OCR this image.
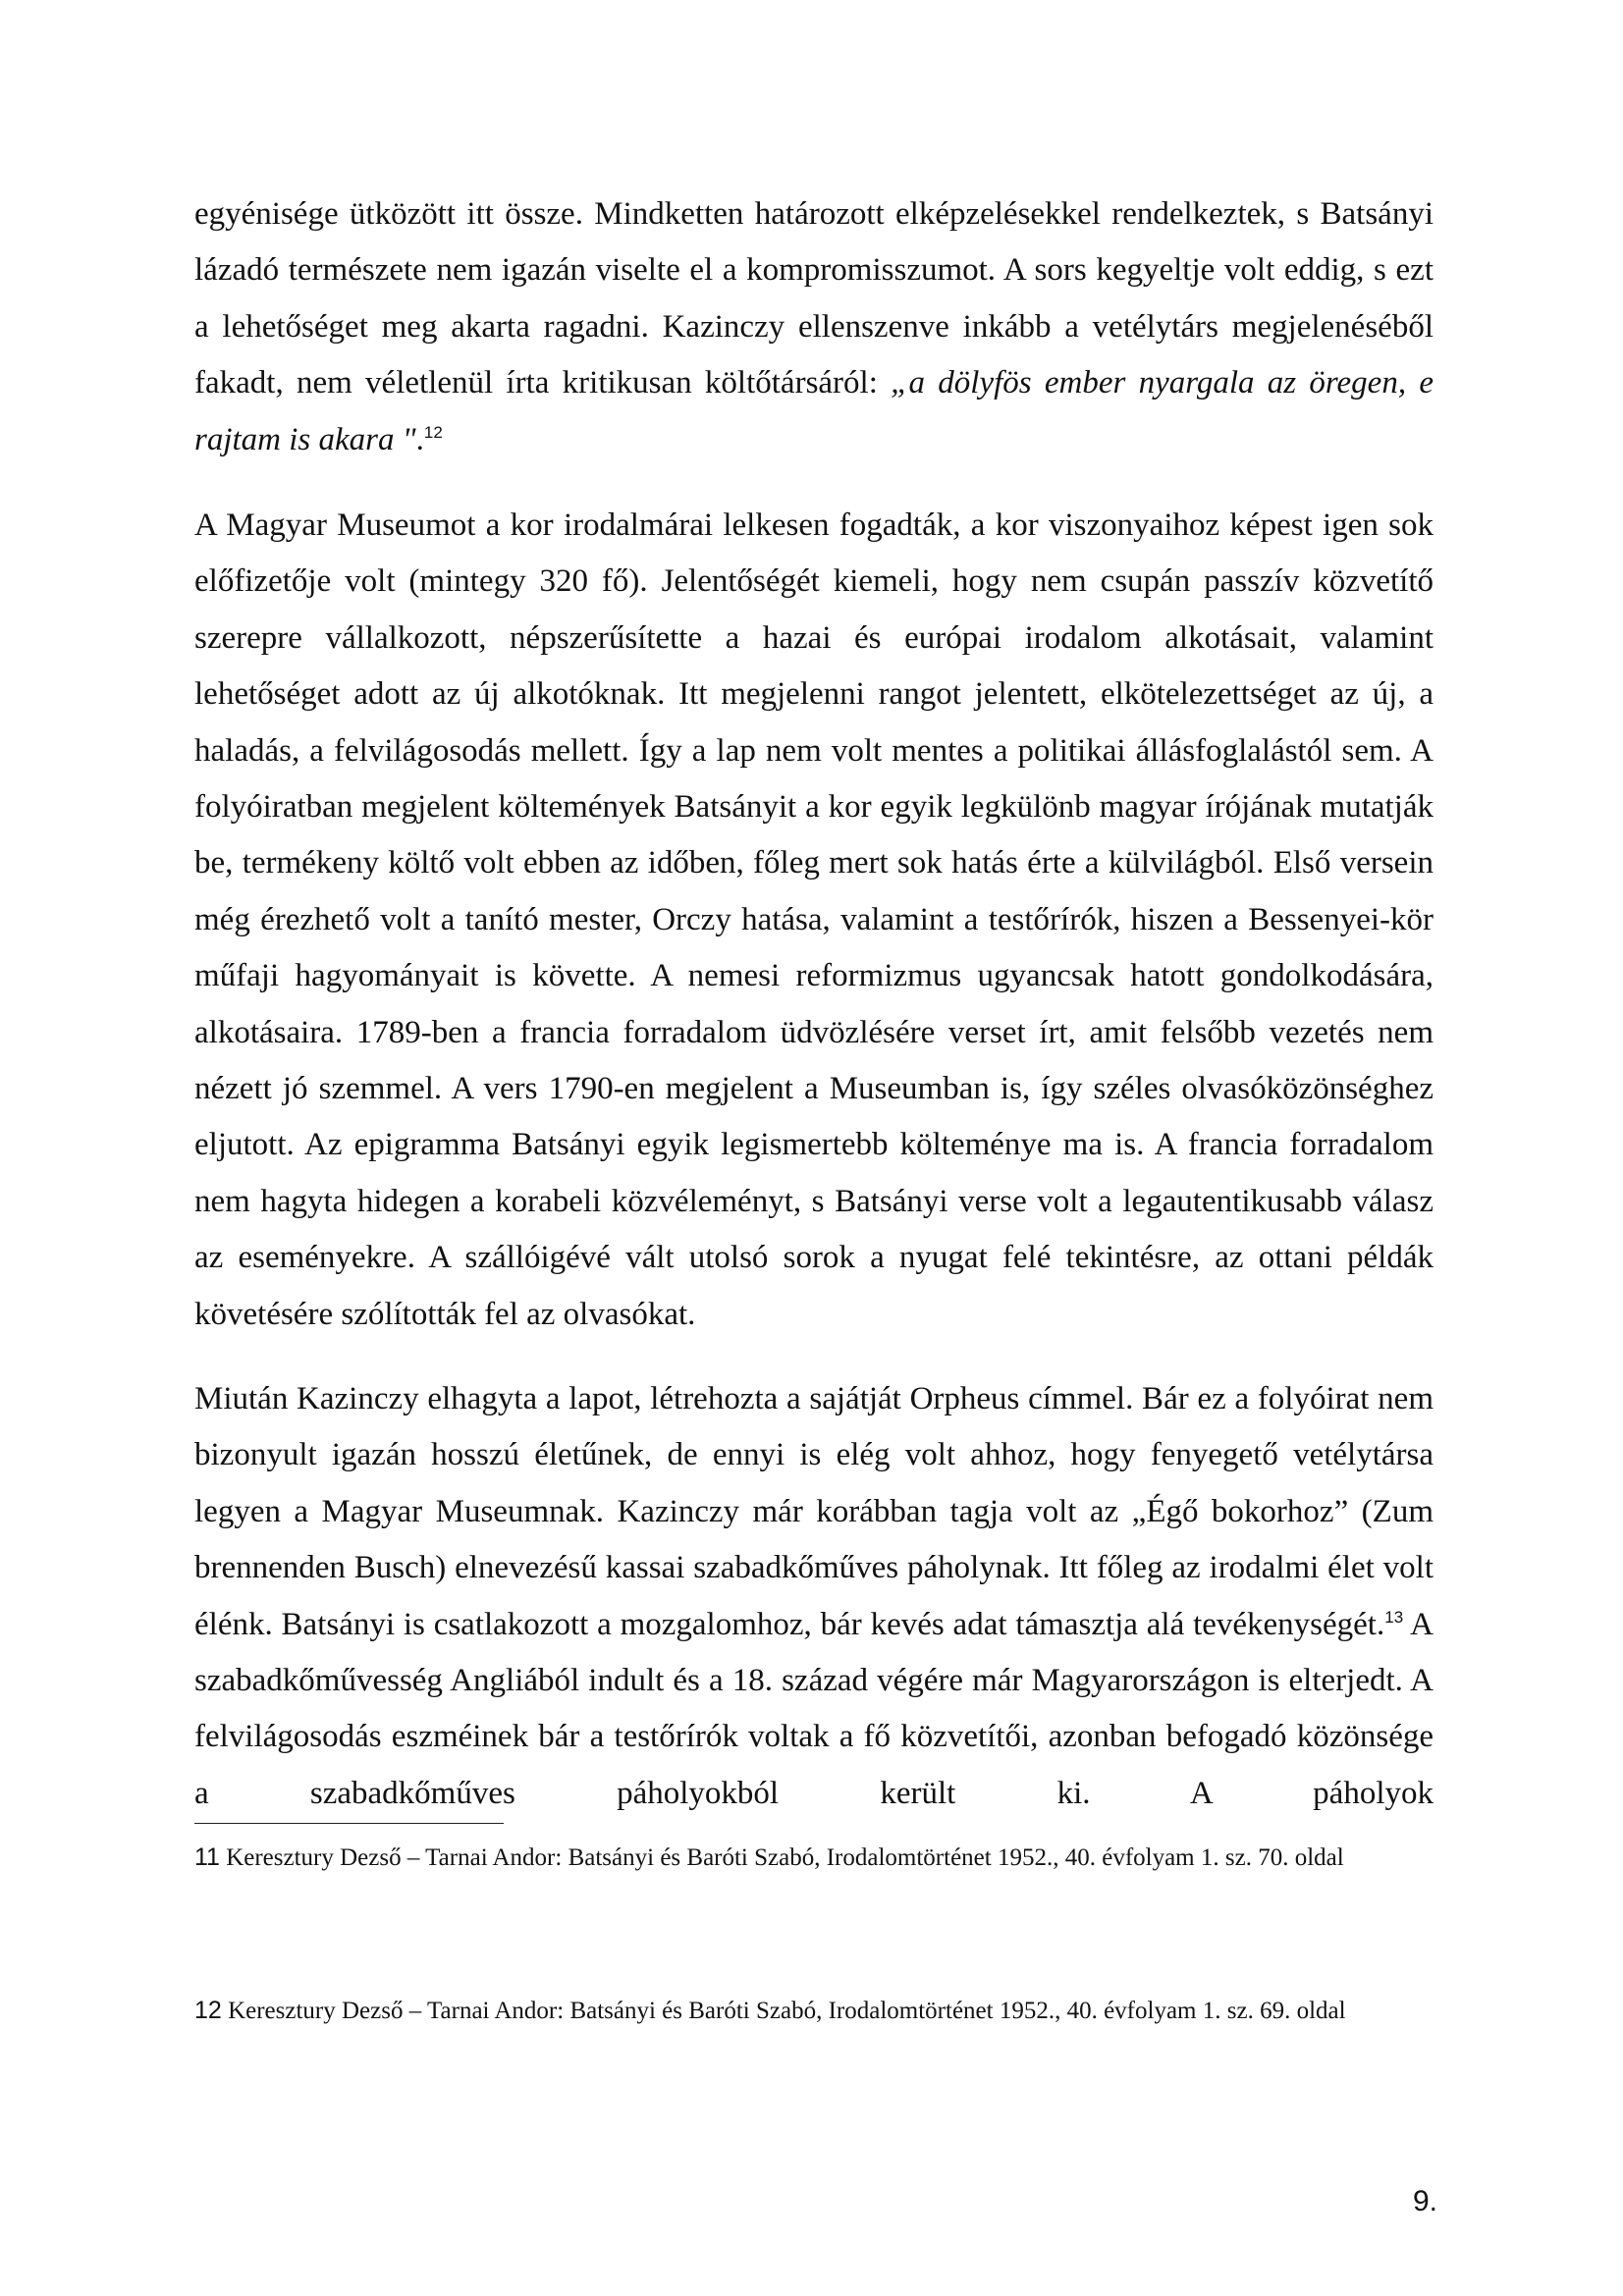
egyénisége ütközött itt össze. Mindketten határozott elképzelésekkel rendelkeztek, s Batsányi lázadó természete nem igazán viselte el a kompromisszumot. A sors kegyeltje volt eddig, s ezt a lehetőséget meg akarta ragadni. Kazinczy ellenszenve inkább a vetélytárs megjelenéséből fakadt, nem véletlenül írta kritikusan költőtársáról: „a dölyfös ember nyargala az öregen, e rajtam is akara ".$^{12}$

A Magyar Museumot a kor irodalmárai lelkesen fogadták, a kor viszonyaihoz képest igen sok előfizetője volt (mintegy 320 fő). Jelentőségét kiemeli, hogy nem csupán passzív közvetítő szerepre vállalkozott, népszerűsítette a hazai és európai irodalom alkotásait, valamint lehetőséget adott az új alkotóknak. Itt megjelenni rangot jelentett, elkötelezettséget az új, a haladás, a felvilágosodás mellett. Így a lap nem volt mentes a politikai állásfoglalástól sem. A folyóiratban megjelent költemények Batsányit a kor egyik legkülönb magyar írójának mutatják be, termékeny költő volt ebben az időben, főleg mert sok hatás érte a külvilágból. Első versein még érezhető volt a tanító mester, Orczy hatása, valamint a testőrírók, hiszen a Bessenyei-kör műfaji hagyományait is követte. A nemesi reformizmus ugyancsak hatott gondolkodására, alkotásaira. 1789-ben a francia forradalom üdvözlésére verset írt, amit felsőbb vezetés nem nézett jó szemmel. A vers 1790-en megjelent a Museumban is, így széles olvasóközönséghez eljutott. Az epigramma Batsányi egyik legismertebb költeménye ma is. A francia forradalom nem hagyta hidegen a korabeli közvéleményt, s Batsányi verse volt a legautentikusabb válasz az eseményekre. A szállóigévé vált utolsó sorok a nyugat felé tekintésre, az ottani példák követésére szólították fel az olvasókat.

Miután Kazinczy elhagyta a lapot, létrehozta a sajátját Orpheus címmel. Bár ez a folyóirat nem bizonyult igazán hosszú életűnek, de ennyi is elég volt ahhoz, hogy fenyegető vetélytársa legyen a Magyar Museumnak. Kazinczy már korábban tagja volt az „Égő bokorhoz” (Zum brennenden Busch) elnevezésű kassai szabadkőműves páholynak. Itt főleg az irodalmi élet volt élénk. Batsányi is csatlakozott a mozgalomhoz, bár kevés adat támasztja alá tevékenységét.$^{13}$ A szabadkőművesség Angliából indult és a 18. század végére már Magyarországon is elterjedt. A felvilágosodás eszméinek bár a testőrírók voltak a fő közvetítői, azonban befogadó közönsége a szabadkőműves páholyokból került ki. A páholyok

11 Keresztury Dezső – Tarnai Andor: Batsányi és Baróti Szabó, Irodalomtörténet 1952., 40. évfolyam 1. sz. 70. oldal

12 Keresztury Dezső – Tarnai Andor: Batsányi és Baróti Szabó, Irodalomtörténet 1952., 40. évfolyam 1. sz. 69. oldal

9.
